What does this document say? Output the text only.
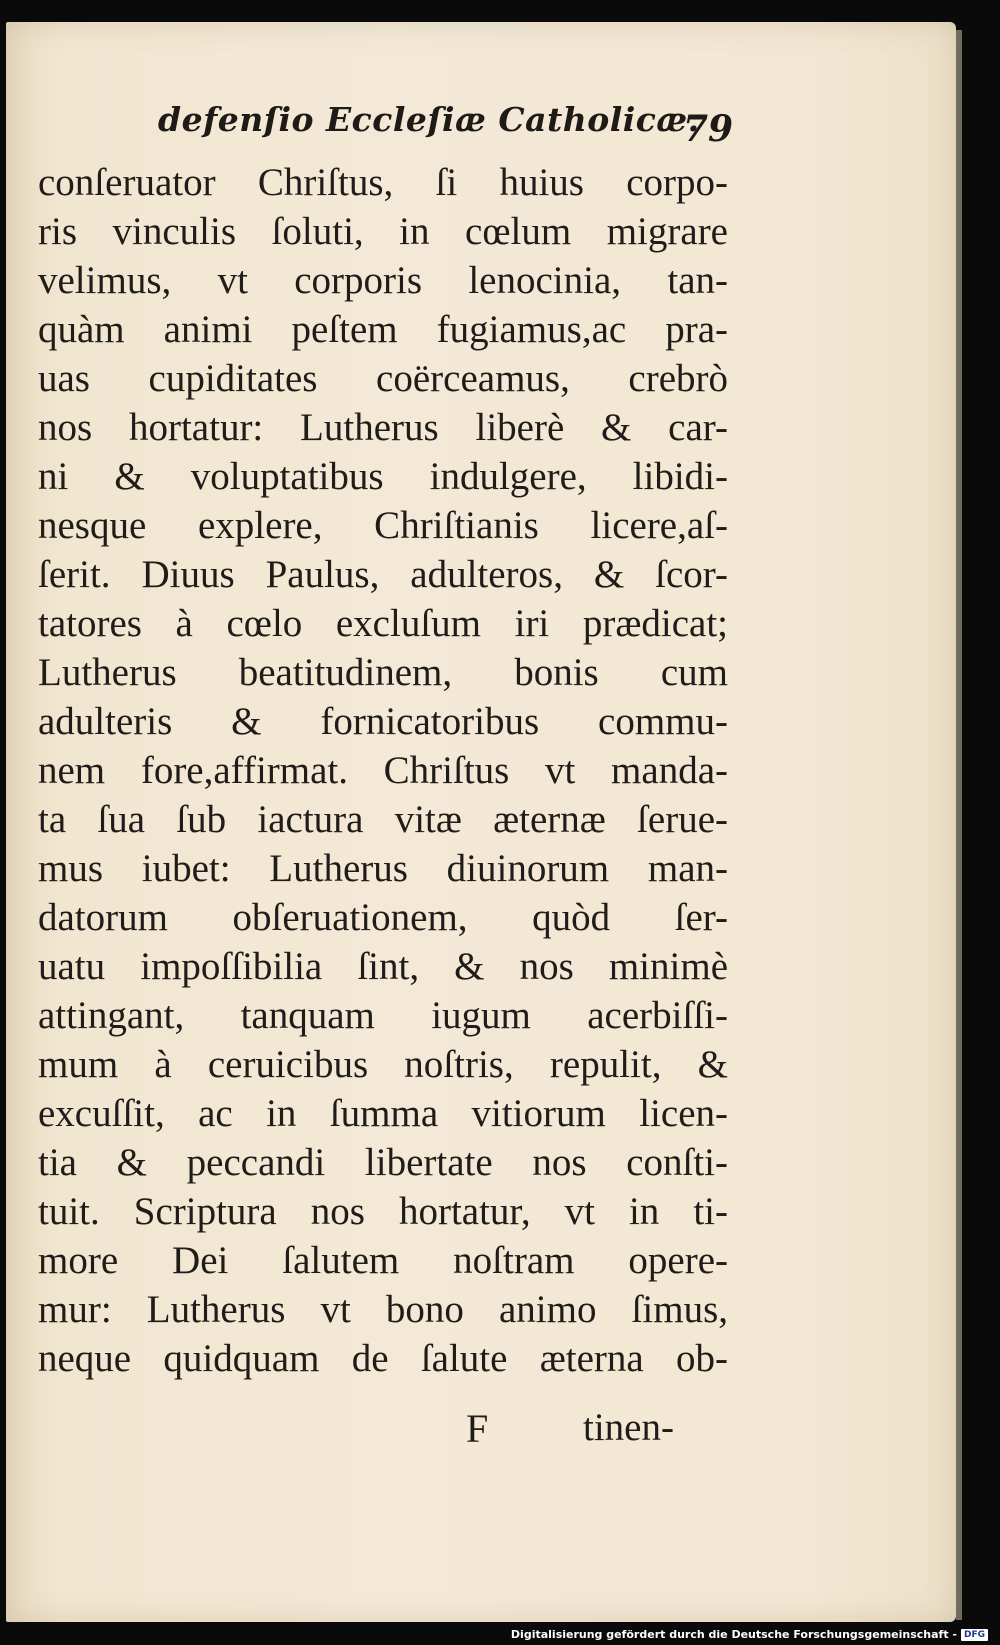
defenſio Eccleſiæ Catholicæ.
79
conſeruator Chriſtus, ſi huius corpo-
ris vinculis ſoluti, in cœlum migrare
velimus, vt corporis lenocinia, tan-
quàm animi peſtem fugiamus,ac pra-
uas cupiditates coërceamus, crebrò
nos hortatur: Lutherus liberè & car-
ni & voluptatibus indulgere, libidi-
nesque explere, Chriſtianis licere,aſ-
ſerit. Diuus Paulus, adulteros, & ſcor-
tatores à cœlo excluſum iri prædicat;
Lutherus beatitudinem, bonis cum
adulteris & fornicatoribus commu-
nem fore,affirmat. Chriſtus vt manda-
ta ſua ſub iactura vitæ æternæ ſerue-
mus iubet: Lutherus diuinorum man-
datorum obſeruationem, quòd ſer-
uatu impoſſibilia ſint, & nos minimè
attingant, tanquam iugum acerbiſſi-
mum à ceruicibus noſtris, repulit, &
excuſſit, ac in ſumma vitiorum licen-
tia & peccandi libertate nos conſti-
tuit. Scriptura nos hortatur, vt in ti-
more Dei ſalutem noſtram opere-
mur: Lutherus vt bono animo ſimus,
neque quidquam de ſalute æterna ob-
F tinen-
Digitalisierung gefördert durch die Deutsche Forschungsgemeinschaft - DFG
